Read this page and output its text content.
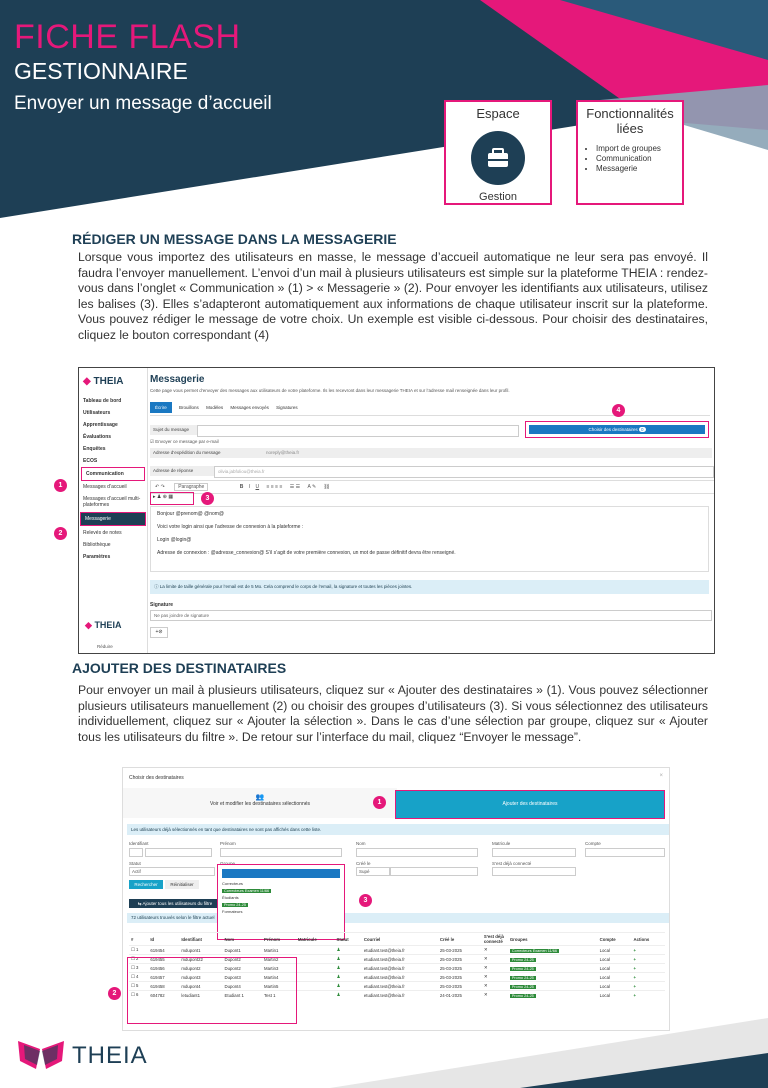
FICHE FLASH
GESTIONNAIRE
Envoyer un message d’accueil	Espace
Gestion
Fonctionnalités liées
• Import de groupes
• Communication
• Messagerie
RÉDIGER UN MESSAGE DANS LA MESSAGERIE
Lorsque vous importez des utilisateurs en masse, le message d’accueil automatique ne leur sera pas envoyé. Il faudra l’envoyer manuellement. L’envoi d’un mail à plusieurs utilisateurs est simple sur la plateforme THEIA : rendez-vous dans l’onglet « Communication » (1) > « Messagerie » (2). Pour envoyer les identifiants aux utilisateurs, utilisez les balises (3). Elles s’adapteront automatiquement aux informations de chaque utilisateur inscrit sur la plateforme. Vous pouvez rédiger le message de votre choix. Un exemple est visible ci-dessous. Pour choisir des destinataires, cliquez le bouton correspondant (4)
◆ THEIA
Tableau de bord
Utilisateurs
Apprentissage
Évaluations
Enquêtes
ECOS
Communication
Messages d’accueil
Messages d’accueil multi-plateformes
Messagerie
Relevés de notes
Bibliothèque
Paramètres
◆ THEIA
Réduire
Messagerie
Cette page vous permet d’envoyer des messages aux utilisateurs de votre plateforme. Ils les recevront dans leur messagerie THEIA et sur l’adresse mail renseignée dans leur profil.
Écrire	Brouillons Modèles Messages envoyés Signatures
Sujet du message	Choisir des destinataires 0
4
☑ Envoyer ce message par e-mail
Adresse d’expédition du message	noreply@theia.fr
Adresse de réponse	olivia.jabfoliou@theia.fr
↶ ↷	Paragraphe	B I U ≡ ≡ ≡ ≡ ☰ ☰ A ✎ ⛓
▸ ♟ ⊕ ▦	3
Bonjour @prenom@ @nom@
Voici votre login ainsi que l’adresse de connexion à la plateforme :
Login @login@
Adresse de connexion : @adresse_connexion@ S’il s’agit de votre première connexion, un mot de passe définitif devra être renseigné.
ⓘ La limite de taille générale pour l’email est de 5 Mo. Cela comprend le corps de l’email, la signature et toutes les pièces jointes.
Signature
Ne pas joindre de signature
+⊘
1
2
AJOUTER DES DESTINATAIRES
Pour envoyer un mail à plusieurs utilisateurs, cliquez sur « Ajouter des destinataires » (1). Vous pouvez sélectionner plusieurs utilisateurs manuellement (2) ou choisir des groupes d’utilisateurs (3). Si vous sélectionnez des utilisateurs individuellement, cliquez sur « Ajouter la sélection ». Dans le cas d’une sélection par groupe, cliquez sur « Ajouter tous les utilisateurs du filtre ». De retour sur l’interface du mail, cliquez “Envoyer le message”.
Choisir des destinataires	×
👥
Voir et modifier les destinataires sélectionnés	Ajouter des destinataires
1
Les utilisateurs déjà sélectionnés en tant que destinataires ne sont pas affichés dans cette liste.
Identifiant	Prénom	Nom	Matricule	Compte
Statut
Actif
Créé le
Supé
S’est déjà connecté
Rechercher	Réinitialiser
⇆ Ajouter tous les utilisateurs du filtre
72 utilisateurs trouvés selon le filtre actuel
Correcteurs
Correcteurs Examen 11/66
Étudiants
Promo 24-25
Formateurs
3
#	Id	Identifiant	Nom	Prénom	Matricule	Statut	Courriel	Créé le	S’est déjà connecté	Groupes	Compte	Actions
☐ 1	619454	mdupont1	Dupont1	Martin1		♟	etudiant.test@theia.fr	25-03-2025	✕	Correcteurs Examen 11/66	Local	+
☐ 2	619455	mdupont22	Dupont2	Martin2		♟	etudiant.test@theia.fr	25-03-2025	✕	Promo 24-25	Local	+
☐ 3	619456	mdupont2	Dupont2	Martin3		♟	etudiant.test@theia.fr	25-03-2025	✕	Promo 24-25	Local	+
☐ 4	619457	mdupont3	Dupont3	Martin4		♟	etudiant.test@theia.fr	25-03-2025	✕	Promo 24-25	Local	+
☐ 5	619458	mdupont4	Dupont4	Martin5		♟	etudiant.test@theia.fr	25-03-2025	✕	Promo 24-25	Local	+
☐ 6	604782	letudiant1	Etudiant 1	Test 1		♟	etudiant.test@theia.fr	24-01-2025	✕	Promo 24-25	Local	+
2
THEIA
